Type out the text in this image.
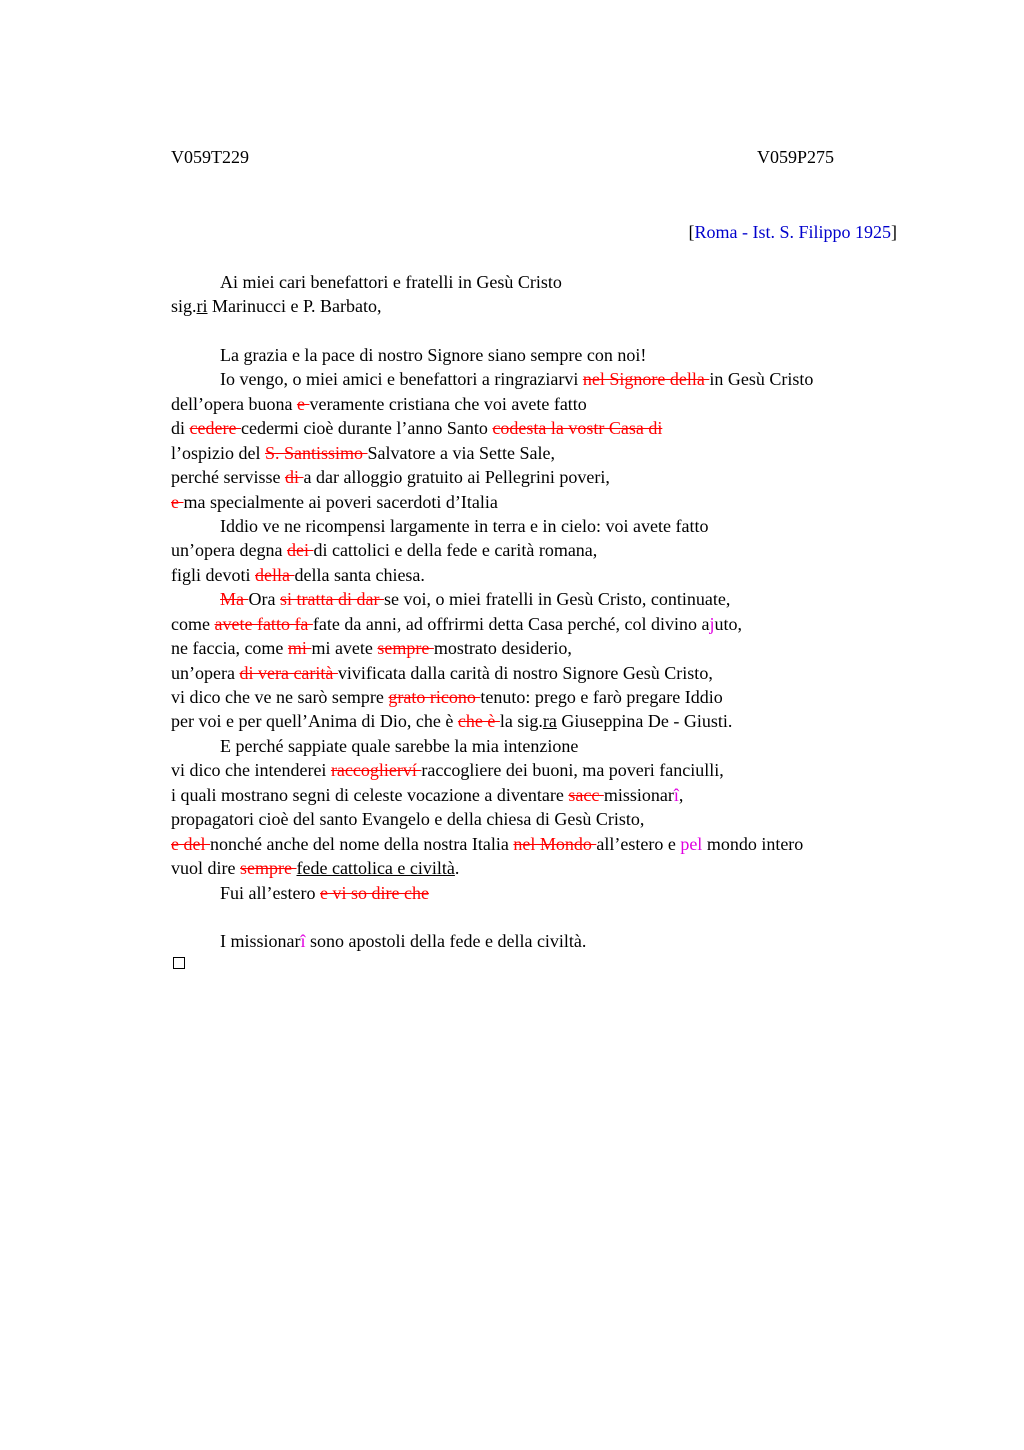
V059T229	V059P275
[Roma - Ist. S. Filippo 1925]
Ai miei cari benefattori e fratelli in Gesù Cristo
sig.ri Marinucci e P. Barbato,
La grazia e la pace di nostro Signore siano sempre con noi!
Io vengo, o miei amici e benefattori a ringraziarvi nel Signore della in Gesù Cristo
dell’opera buona e veramente cristiana che voi avete fatto
di cedere cedermi cioè durante l’anno Santo codesta la vostr Casa di
l’ospizio del S. Santissimo Salvatore a via Sette Sale,
perché servisse di a dar alloggio gratuito ai Pellegrini poveri,
e ma specialmente ai poveri sacerdoti d’Italia
Iddio ve ne ricompensi largamente in terra e in cielo: voi avete fatto
un’opera degna dei di cattolici e della fede e carità romana,
figli devoti della della santa chiesa.
Ma Ora si tratta di dar se voi, o miei fratelli in Gesù Cristo, continuate,
come avete fatto fa fate da anni, ad offrirmi detta Casa perché, col divino ajuto,
ne faccia, come mi mi avete sempre mostrato desiderio,
un’opera di vera carità vivificata dalla carità di nostro Signore Gesù Cristo,
vi dico che ve ne sarò sempre grato ricono tenuto: prego e farò pregare Iddio
per voi e per quell’Anima di Dio, che è che è la sig.ra Giuseppina De - Giusti.
E perché sappiate quale sarebbe la mia intenzione
vi dico che intenderei raccoglierví raccogliere dei buoni, ma poveri fanciulli,
i quali mostrano segni di celeste vocazione a diventare sacc missionarî,
propagatori cioè del santo Evangelo e della chiesa di Gesù Cristo,
e del nonché anche del nome della nostra Italia nel Mondo all’estero e pel mondo intero
vuol dire sempre fede cattolica e civiltà.
Fui all’estero e vi so dire che
I missionarî sono apostoli della fede e della civiltà.
